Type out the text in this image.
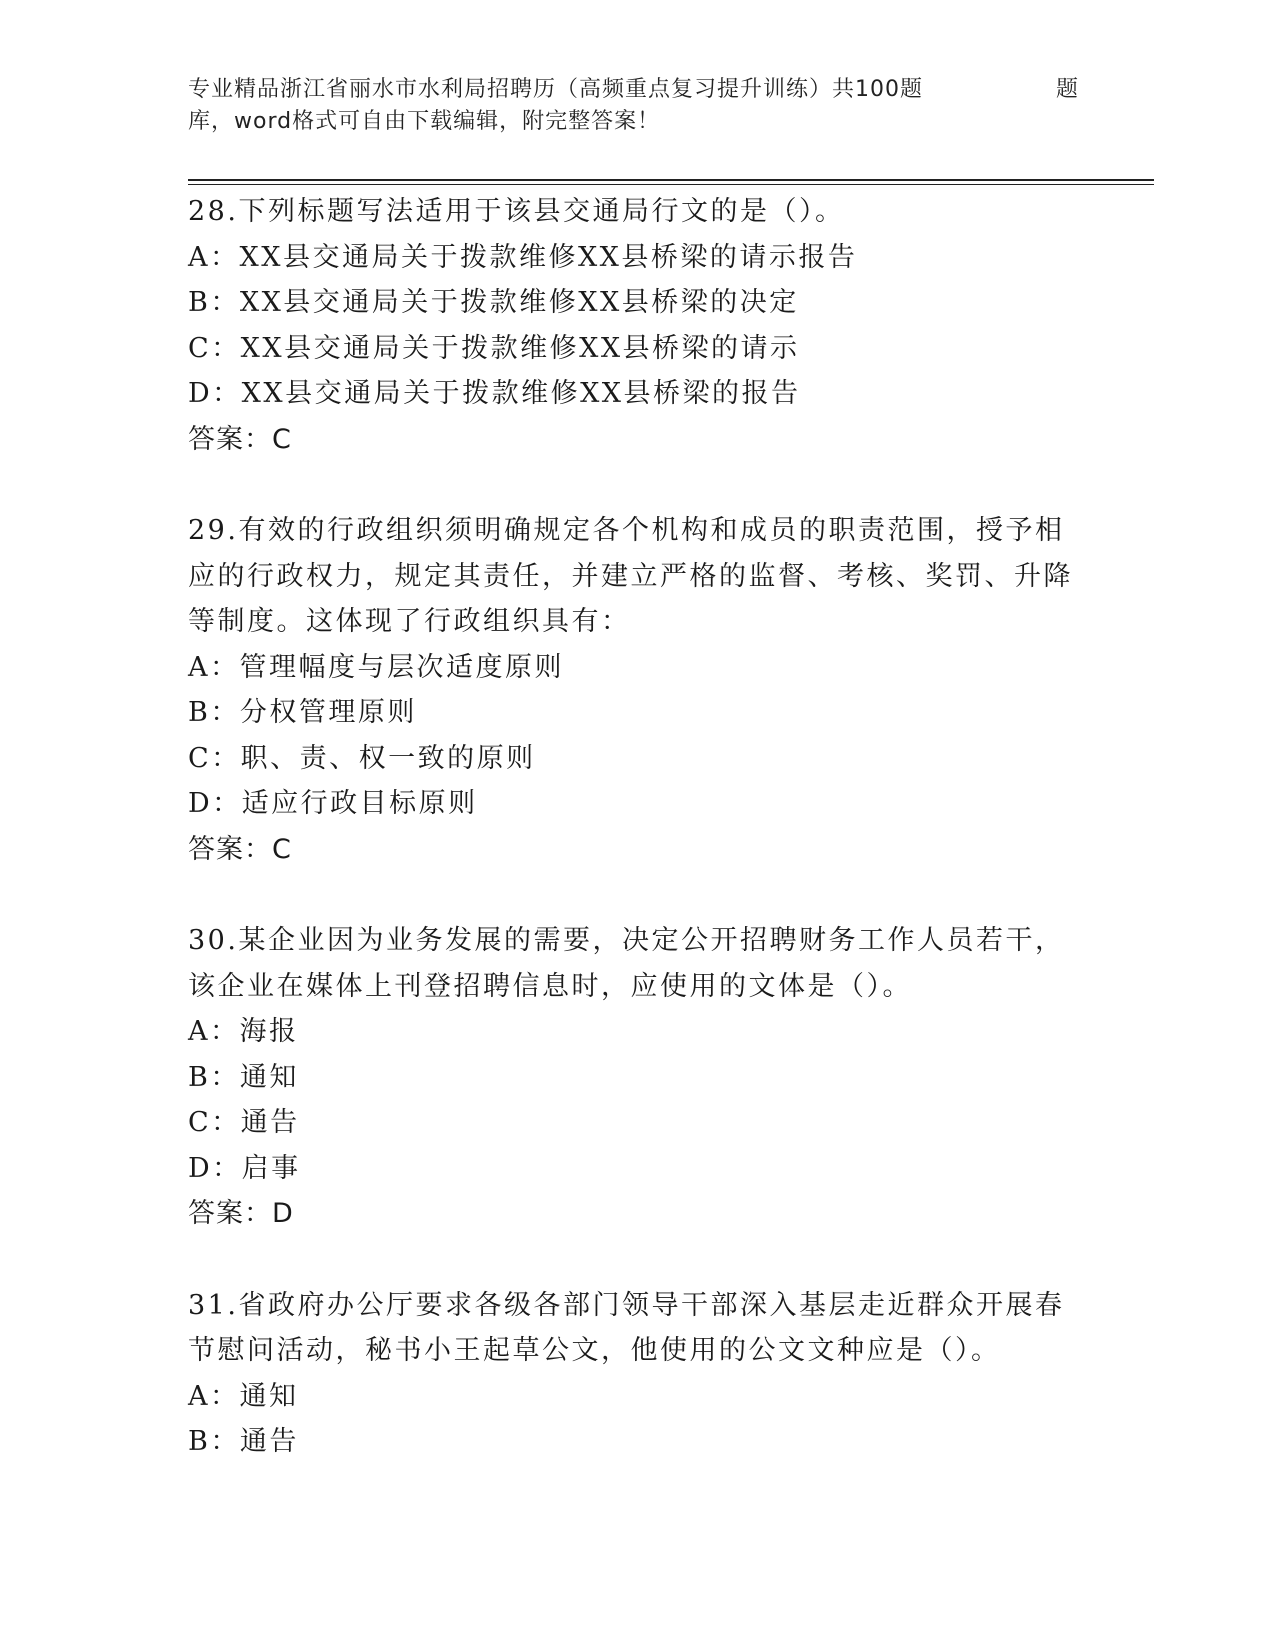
专业精品浙江省丽水市水利局招聘历（高频重点复习提升训练）共100题	题
库，word格式可自由下载编辑，附完整答案！

28.下列标题写法适用于该县交通局行文的是（）。

A：XX县交通局关于拨款维修XX县桥梁的请示报告

B：XX县交通局关于拨款维修XX县桥梁的决定

C：XX县交通局关于拨款维修XX县桥梁的请示

D：XX县交通局关于拨款维修XX县桥梁的报告

答案：C

29.有效的行政组织须明确规定各个机构和成员的职责范围，授予相应的行政权力，规定其责任，并建立严格的监督、考核、奖罚、升降等制度。这体现了行政组织具有：

A：管理幅度与层次适度原则

B：分权管理原则

C：职、责、权一致的原则

D：适应行政目标原则

答案：C

30.某企业因为业务发展的需要，决定公开招聘财务工作人员若干，该企业在媒体上刊登招聘信息时，应使用的文体是（）。

A：海报

B：通知

C：通告

D：启事

答案：D

31.省政府办公厅要求各级各部门领导干部深入基层走近群众开展春节慰问活动，秘书小王起草公文，他使用的公文文种应是（）。

A：通知

B：通告
